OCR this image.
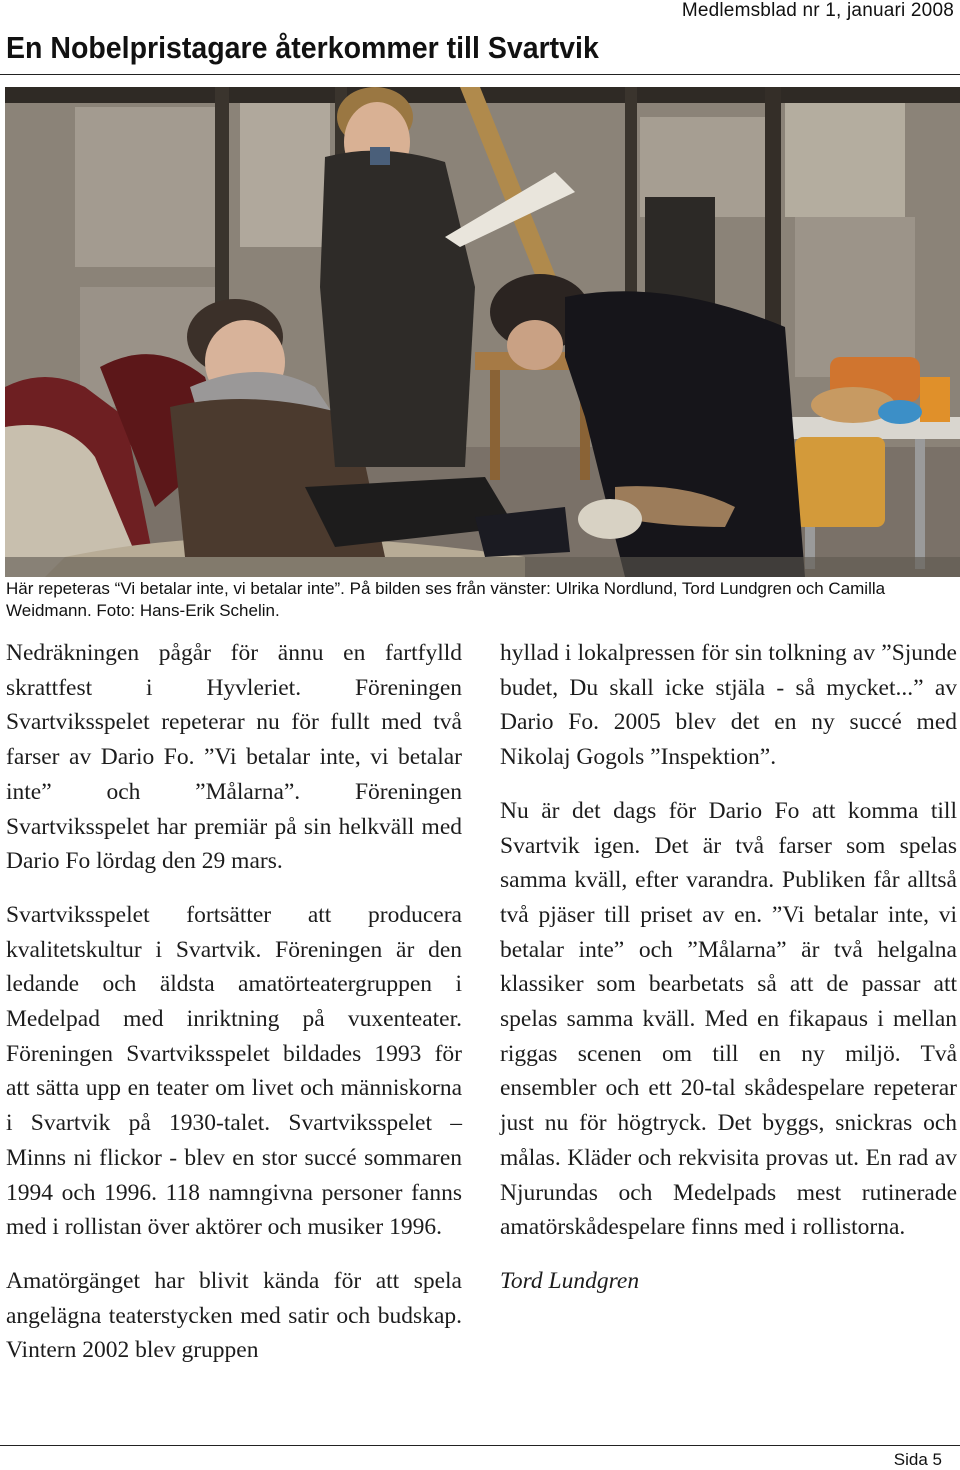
Medlemsblad nr 1, januari 2008
En Nobelpristagare återkommer till Svartvik

Här repeteras “Vi betalar inte, vi betalar inte”. På bilden ses från vänster: Ulrika Nordlund, Tord Lundgren och Camilla Weidmann. Foto: Hans-Erik Schelin.

Nedräkningen pågår för ännu en fartfylld skrattfest i Hyvleriet. Föreningen Svartviksspelet repeterar nu för fullt med två farser av Dario Fo. ”Vi betalar inte, vi betalar inte” och ”Målarna”. Föreningen Svartviksspelet har premiär på sin helkväll med Dario Fo lördag den 29 mars.

Svartviksspelet fortsätter att producera kvalitetskultur i Svartvik. Föreningen är den ledande och äldsta amatörteatergruppen i Medelpad med inriktning på vuxenteater. Föreningen Svartviksspelet bildades 1993 för att sätta upp en teater om livet och människorna i Svartvik på 1930-talet. Svartviksspelet – Minns ni flickor - blev en stor succé sommaren 1994 och 1996. 118 namngivna personer fanns med i rollistan över aktörer och musiker 1996.

Amatörgänget har blivit kända för att spela angelägna teaterstycken med satir och budskap. Vintern 2002 blev gruppen

hyllad i lokalpressen för sin tolkning av ”Sjunde budet, Du skall icke stjäla - så mycket...” av Dario Fo. 2005 blev det en ny succé med Nikolaj Gogols ”Inspektion”.

Nu är det dags för Dario Fo att komma till Svartvik igen. Det är två farser som spelas samma kväll, efter varandra. Publiken får alltså två pjäser till priset av en. ”Vi betalar inte, vi betalar inte” och ”Målarna” är två helgalna klassiker som bearbetats så att de passar att spelas samma kväll. Med en fikapaus i mellan riggas scenen om till en ny miljö. Två ensembler och ett 20-tal skådespelare repeterar just nu för högtryck. Det byggs, snickras och målas. Kläder och rekvisita provas ut. En rad av Njurundas och Medelpads mest rutinerade amatörskådespelare finns med i rollistorna.

Tord Lundgren

Sida 5
